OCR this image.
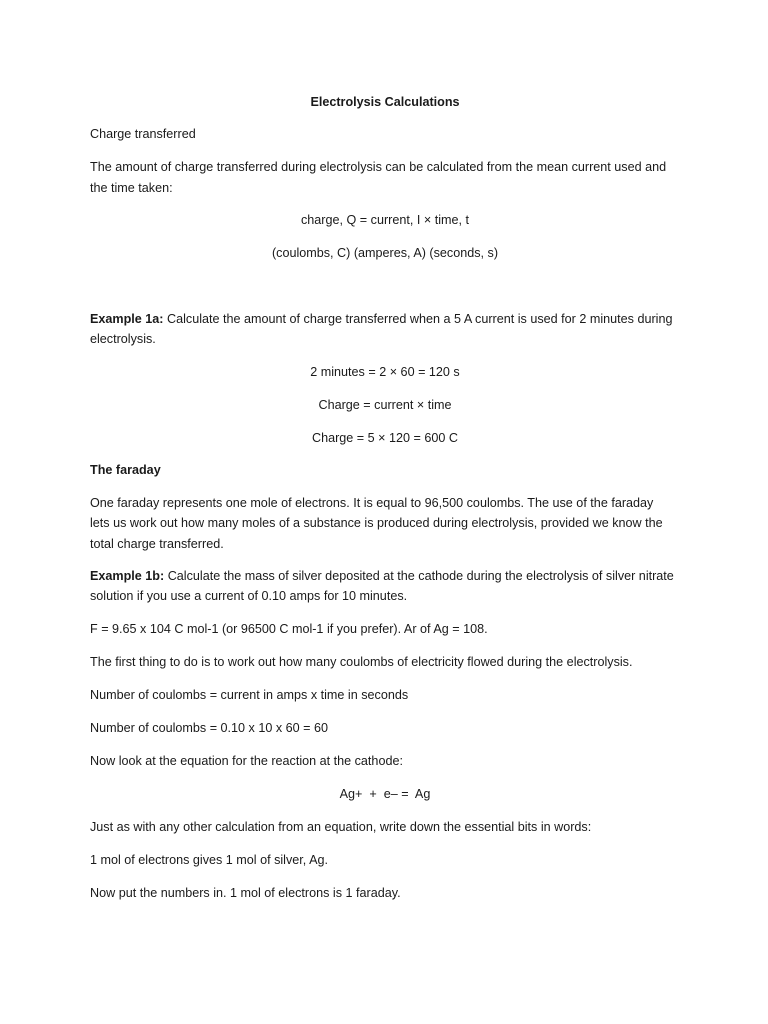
Electrolysis Calculations

Charge transferred

The amount of charge transferred during electrolysis can be calculated from the mean current used and

the time taken:

charge, Q = current, I × time, t

(coulombs, C) (amperes, A) (seconds, s)

Example 1a: Calculate the amount of charge transferred when a 5 A current is used for 2 minutes during

electrolysis.

2 minutes = 2 × 60 = 120 s

Charge = current × time

Charge = 5 × 120 = 600 C

The faraday

One faraday represents one mole of electrons. It is equal to 96,500 coulombs. The use of the faraday

lets us work out how many moles of a substance is produced during electrolysis, provided we know the

total charge transferred.

Example 1b: Calculate the mass of silver deposited at the cathode during the electrolysis of silver nitrate

solution if you use a current of 0.10 amps for 10 minutes.

F = 9.65 x 104 C mol-1 (or 96500 C mol-1 if you prefer). Ar of Ag = 108.

The first thing to do is to work out how many coulombs of electricity flowed during the electrolysis.

Number of coulombs = current in amps x time in seconds

Number of coulombs = 0.10 x 10 x 60 = 60

Now look at the equation for the reaction at the cathode:

Ag+  +  e– =  Ag

Just as with any other calculation from an equation, write down the essential bits in words:

1 mol of electrons gives 1 mol of silver, Ag.

Now put the numbers in. 1 mol of electrons is 1 faraday.
